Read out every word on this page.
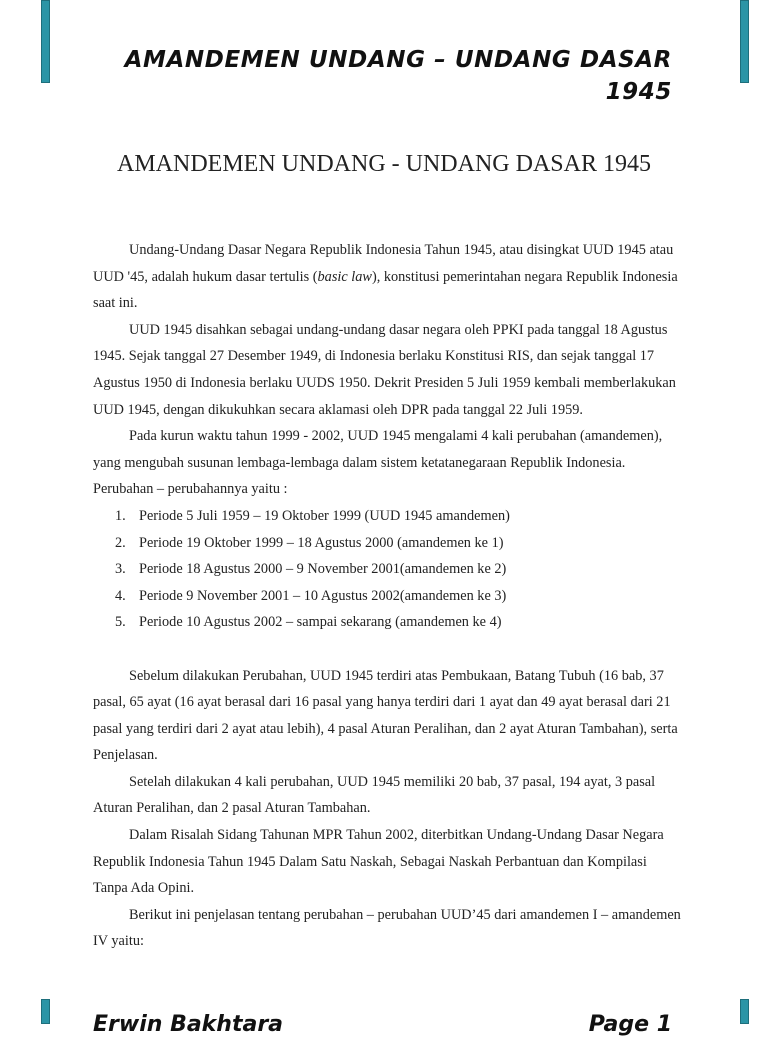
AMANDEMEN UNDANG – UNDANG DASAR 1945
AMANDEMEN UNDANG - UNDANG DASAR 1945

Undang-Undang Dasar Negara Republik Indonesia Tahun 1945, atau disingkat UUD 1945 atau UUD '45, adalah hukum dasar tertulis (basic law), konstitusi pemerintahan negara Republik Indonesia saat ini.

UUD 1945 disahkan sebagai undang-undang dasar negara oleh PPKI pada tanggal 18 Agustus 1945. Sejak tanggal 27 Desember 1949, di Indonesia berlaku Konstitusi RIS, dan sejak tanggal 17 Agustus 1950 di Indonesia berlaku UUDS 1950. Dekrit Presiden 5 Juli 1959 kembali memberlakukan UUD 1945, dengan dikukuhkan secara aklamasi oleh DPR pada tanggal 22 Juli 1959.

Pada kurun waktu tahun 1999 - 2002, UUD 1945 mengalami 4 kali perubahan (amandemen), yang mengubah susunan lembaga-lembaga dalam sistem ketatanegaraan Republik Indonesia. Perubahan – perubahannya yaitu :

1. Periode 5 Juli 1959 – 19 Oktober 1999 (UUD 1945 amandemen)
2. Periode 19 Oktober 1999 – 18 Agustus 2000 (amandemen ke 1)
3. Periode 18 Agustus 2000 – 9 November 2001(amandemen ke 2)
4. Periode 9 November 2001 – 10 Agustus 2002(amandemen ke 3)
5. Periode 10 Agustus 2002 – sampai sekarang (amandemen ke 4)

Sebelum dilakukan Perubahan, UUD 1945 terdiri atas Pembukaan, Batang Tubuh (16 bab, 37 pasal, 65 ayat (16 ayat berasal dari 16 pasal yang hanya terdiri dari 1 ayat dan 49 ayat berasal dari 21 pasal yang terdiri dari 2 ayat atau lebih), 4 pasal Aturan Peralihan, dan 2 ayat Aturan Tambahan), serta Penjelasan.

Setelah dilakukan 4 kali perubahan, UUD 1945 memiliki 20 bab, 37 pasal, 194 ayat, 3 pasal Aturan Peralihan, dan 2 pasal Aturan Tambahan.

Dalam Risalah Sidang Tahunan MPR Tahun 2002, diterbitkan Undang-Undang Dasar Negara Republik Indonesia Tahun 1945 Dalam Satu Naskah, Sebagai Naskah Perbantuan dan Kompilasi Tanpa Ada Opini.

Berikut ini penjelasan tentang perubahan – perubahan UUD’45 dari amandemen I – amandemen IV yaitu:

Erwin Bakhtara	Page 1
